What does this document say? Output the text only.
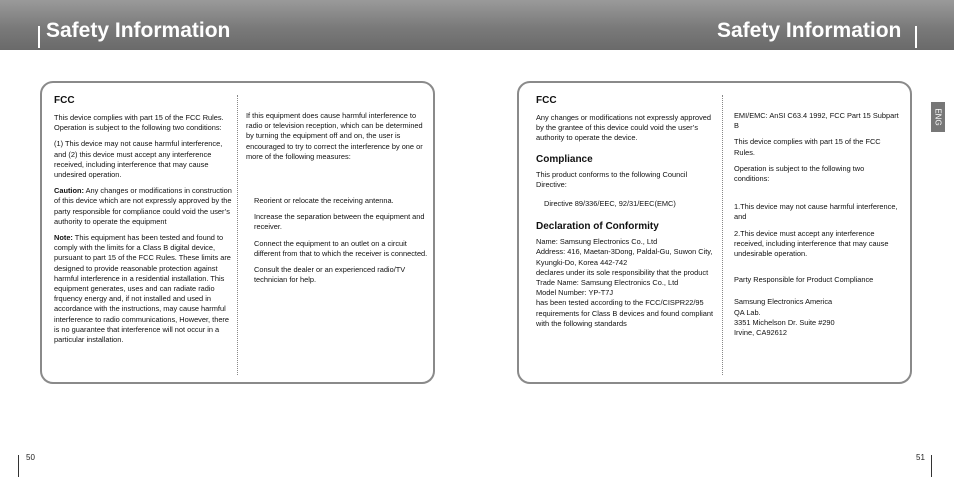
Safety Information	Safety Information
FCC

This device complies with part 15 of the FCC Rules. Operation is subject to the following two conditions:

(1) This device may not cause harmful interference, and (2) this device must accept any interference received, including interference that may cause undesired operation.

Caution: Any changes or modifications in construction of this device which are not expressly approved by the party responsible for compliance could void the user’s authority to operate the equipment

Note: This equipment has been tested and found to comply with the limits for a Class B digital device, pursuant to part 15 of the FCC Rules. These limits are designed to provide reasonable protection against harmful interference in a residential installation. This equipment generates, uses and can radiate radio frquency energy and, if not installed and used in accordance with the instructions, may cause harmful interference to radio communications, However, there is no guarantee that interference will not occur in a particular installation.

If this equipment does cause harmful interference to radio or television reception, which can be determined by turning the equipment off and on, the user is encouraged to try to correct the interference by one or more of the following measures:

Reorient or relocate the receiving antenna.

Increase the separation between the equipment and receiver.

Connect the equipment to an outlet on a circuit different from that to which the receiver is connected.

Consult the dealer or an experienced radio/TV technician for help.

FCC

Any changes or modifications not expressly approved by the grantee of this device could void the user’s authority to operate the device.

Compliance

This product conforms to the following Council Directive:

Directive 89/336/EEC, 92/31/EEC(EMC)

Declaration of Conformity
Name: Samsung Electronics Co., Ltd
Address: 416, Maetan-3Dong, Paldal-Gu, Suwon City, Kyungki-Do, Korea 442-742
declares under its sole responsibility that the product
Trade Name: Samsung Electronics Co., Ltd
Model Number: YP-T7J
has been tested according to the FCC/CISPR22/95 requirements for Class B devices and found compliant with the following standards

EMI/EMC: AnSI C63.4 1992, FCC Part 15 Subpart B

This device complies with part 15 of the FCC Rules.

Operation is subject to the following two conditions:

1.This device may not cause harmful interference, and

2.This device must accept any interference received, including interference that may cause undesirable operation.

Party Responsible for Product Compliance

Samsung Electronics America
QA Lab.
3351 Michelson Dr. Suite #290
Irvine, CA92612
ENG
50	51
